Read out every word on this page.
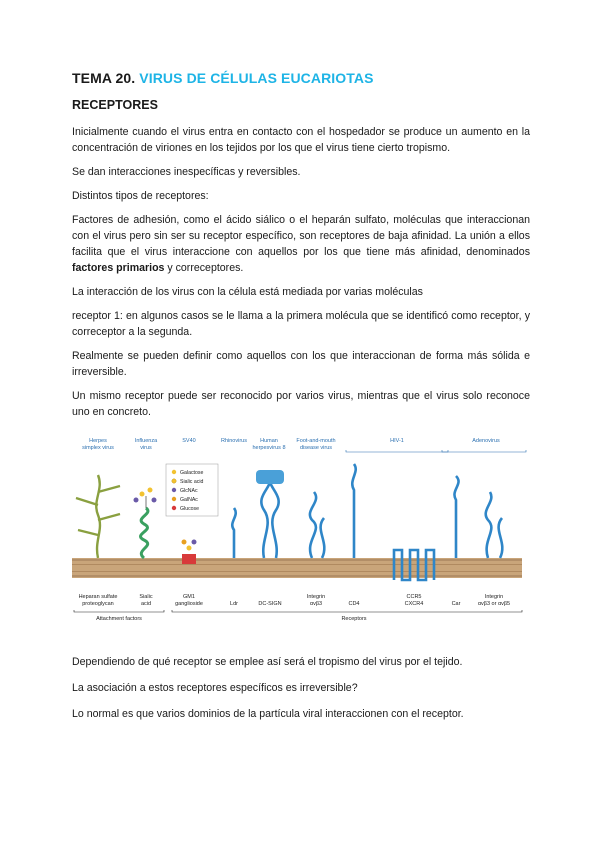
TEMA 20. VIRUS DE CÉLULAS EUCARIOTAS
RECEPTORES

Inicialmente cuando el virus entra en contacto con el hospedador se produce un aumento en la concentración de viriones en los tejidos por los que el virus tiene cierto tropismo.

Se dan interacciones inespecíficas y reversibles.

Distintos tipos de receptores:

Factores de adhesión, como el ácido siálico o el heparán sulfato, moléculas que interaccionan con el virus pero sin ser su receptor específico, son receptores de baja afinidad. La unión a ellos facilita que el virus interaccione con aquellos por los que tiene más afinidad, denominados factores primarios y correceptores.

La interacción de los virus con la célula está mediada por varias moléculas

receptor 1: en algunos casos se le llama a la primera molécula que se identificó como receptor, y correceptor a la segunda.

Realmente se pueden definir como aquellos con los que interaccionan de forma más sólida e irreversible.

Un mismo receptor puede ser reconocido por varios virus, mientras que el virus solo reconoce uno en concreto.

Herpes
simplex virus
Influenza
virus
SV40	Rhinovirus Human
herpesvirus 8
Foot-and-mouth
disease virus
HIV-1	Adenovirus
Galactose
Sialic acid
GlcNAc
GalNAc
Glucose
Heparan sulfate
proteoglycan
Sialic
acid
GM1
ganglioside	Ldr	DC-SIGN
Integrin
αvβ3	CD4
CCR5
CXCR4	Car
Integrin
αvβ3 or αvβ5
Attachment factors	Receptors

Dependiendo de qué receptor se emplee así será el tropismo del virus por el tejido.

La asociación a estos receptores específicos es irreversible?

Lo normal es que varios dominios de la partícula viral interaccionen con el receptor.
